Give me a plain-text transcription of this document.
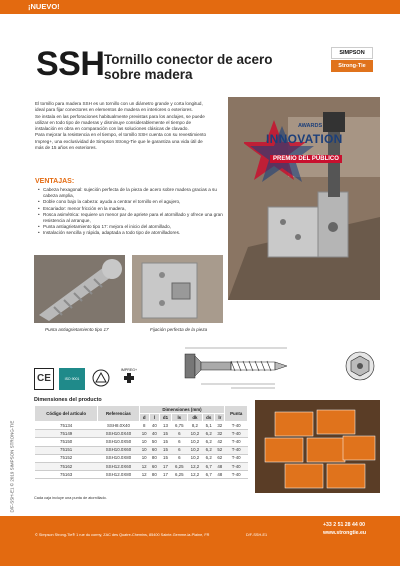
¡NUEVO!
SSH Tornillo conector de acero
sobre madera
SIMPSON
Strong-Tie
D/F-SSH-E1 © 2019 SIMPSON STRONG-TIE

El tornillo para madera SSH es un tornillo con un diámetro grande y corta longitud,

ideal para fijar conectores en elementos de madera en interiores o exteriores.

Se instala en las perforaciones habitualmente previstas para los anclajes, se puede

utilizar en todo tipo de maderas y disminuye considerablemente el tiempo de

instalación en obra en comparación con las soluciones clásicas de clavado.

Para mejorar la resistencia en el tiempo, el tornillo SSH cuenta con su revestimiento

Impreg+, una exclusividad de Simpson Strong-Tie que le garantiza una vida útil de

más de 15 años en exteriores.

VENTAJAS:
• Cabeza hexagonal: sujeción perfecta de la pieza de acero sobre madera gracias a su cabeza amplia,
• Doble cono bajo la cabeza: ayuda a centrar el tornillo en el agujero,
• Escariador: menor fricción en la madera,
• Rosca asimétrica: requiere un menor par de apriete para el atornillado y ofrece una gran resistencia al arranque,
• Punta antiagrietamiento tipo 17: mejora el inicio del atornillado,
• Instalación sencilla y rápida, adaptada a todo tipo de atornilladores.
AWARDS
INNOVATION
PREMIO DEL PÚBLICO
Punta antiagrietamiento tipo 17	Fijación perfecta de la pieza
CE	ISO 9001
IMPREG+
Dimensiones del producto
Código del artículo	Referencias	Dimensiones (mm)							Punta
		d	l	d1	ls	dk	ds	lr	
75134	SSH8.0X40	8	40	13	6,75	8,2	5,1	32	T-40
75149	SSH10.0X40	10	40	15	6	10,2	6,2	32	T-40
75150	SSH10.0X50	10	50	15	6	10,2	6,2	42	T-40
75151	SSH10.0X60	10	60	15	6	10,2	6,2	52	T-40
75152	SSH10.0X80	10	80	15	6	10,2	6,2	62	T-40
75162	SSH12.0X60	12	60	17	6,25	12,2	6,7	48	T-40
75163	SSH12.0X80	12	80	17	6,25	12,2	6,7	48	T-40
Cada caja incluye una punta de atornillado.
© Simpson Strong-Tie® 1 rue du cormy, ZAC des Quatre-Chemins, 85400 Sainte-Gemme-la-Plaine, FR	D/F-SSH-E1
+33 2 51 28 44 00
www.strongtie.eu
